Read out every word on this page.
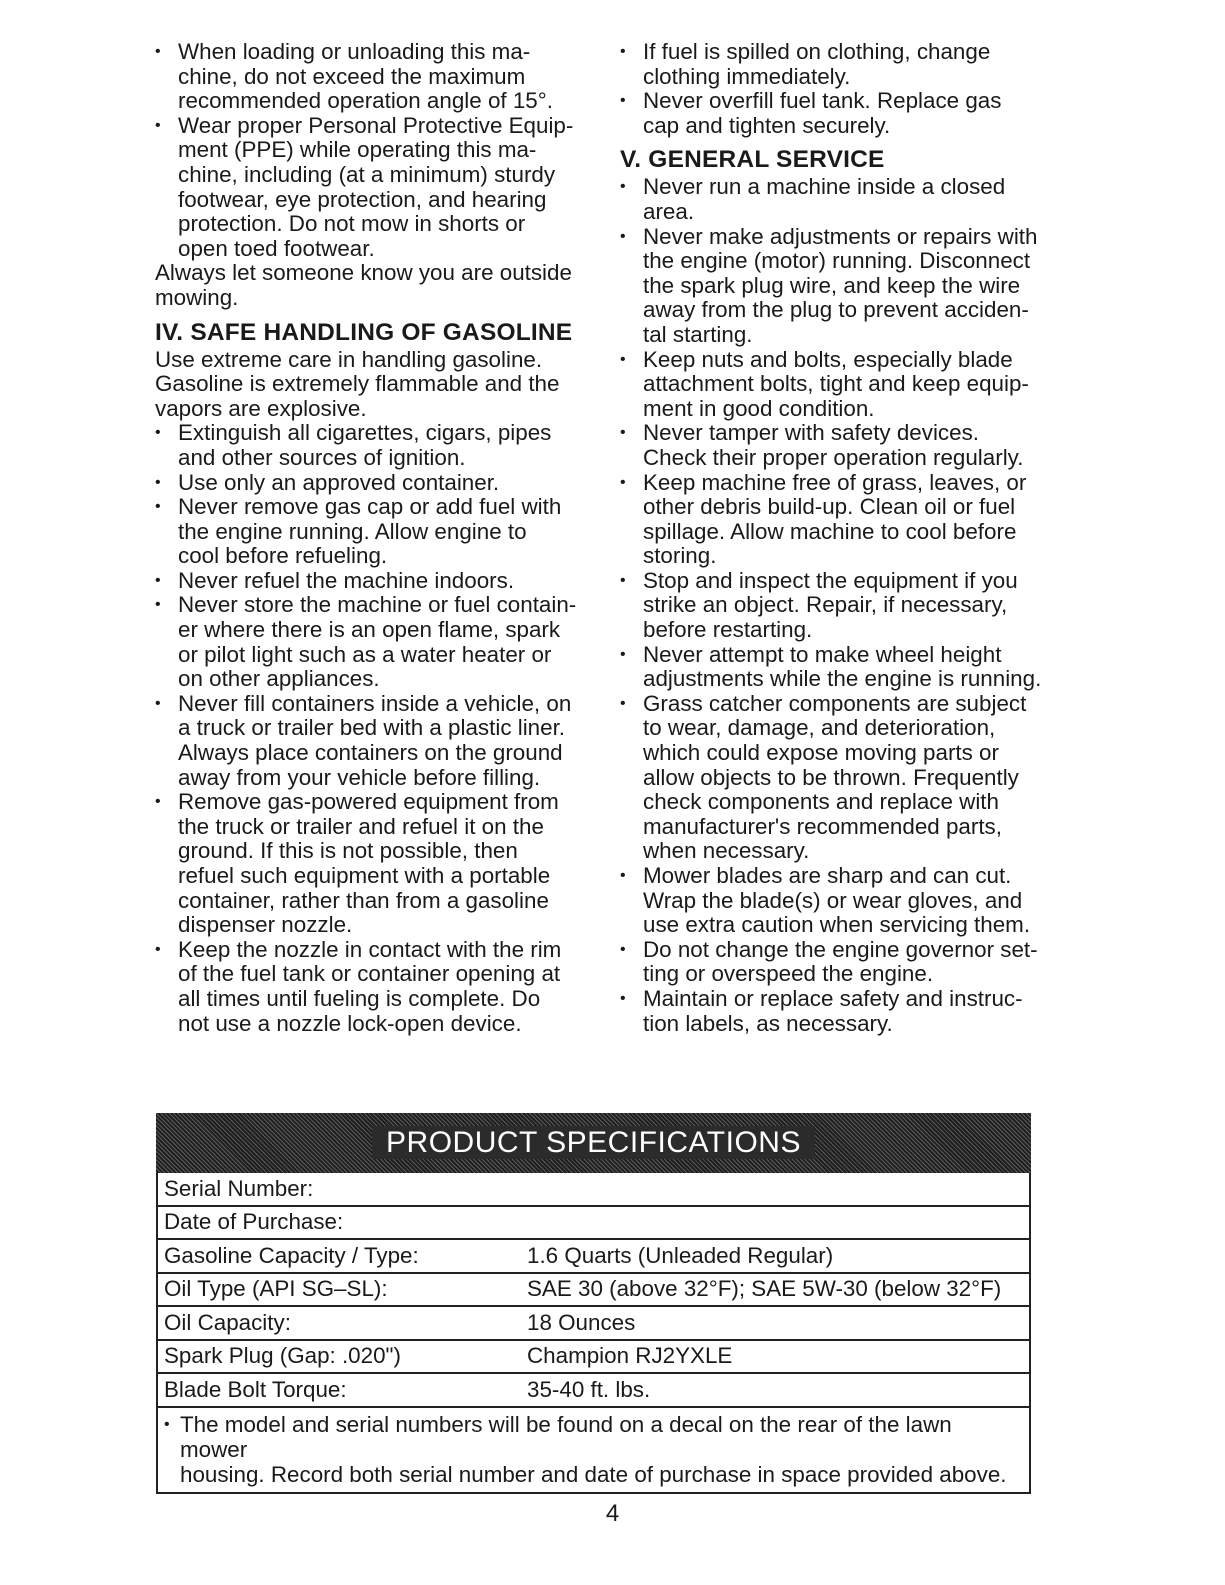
• When loading or unloading this ma-
chine, do not exceed the maximum
recommended operation angle of 15°.

• Wear proper Personal Protective Equip-
ment (PPE) while operating this ma-
chine, including (at a minimum) sturdy
footwear, eye protection, and hearing
protection. Do not mow in shorts or
open toed footwear.

Always let someone know you are outside
mowing.

IV. SAFE HANDLING OF GASOLINE

Use extreme care in handling gasoline.
Gasoline is extremely flammable and the
vapors are explosive.

• Extinguish all cigarettes, cigars, pipes
and other sources of ignition.

• Use only an approved container.

• Never remove gas cap or add fuel with
the engine running. Allow engine to
cool before refueling.

• Never refuel the machine indoors.

• Never store the machine or fuel contain-
er where there is an open flame, spark
or pilot light such as a water heater or
on other appliances.

• Never fill containers inside a vehicle, on
a truck or trailer bed with a plastic liner.
Always place containers on the ground
away from your vehicle before filling.

• Remove gas-powered equipment from
the truck or trailer and refuel it on the
ground. If this is not possible, then
refuel such equipment with a portable
container, rather than from a gasoline
dispenser nozzle.

• Keep the nozzle in contact with the rim
of the fuel tank or container opening at
all times until fueling is complete. Do
not use a nozzle lock-open device.

• If fuel is spilled on clothing, change
clothing immediately.

• Never overfill fuel tank. Replace gas
cap and tighten securely.

V. GENERAL SERVICE

• Never run a machine inside a closed
area.

• Never make adjustments or repairs with
the engine (motor) running. Disconnect
the spark plug wire, and keep the wire
away from the plug to prevent acciden-
tal starting.

• Keep nuts and bolts, especially blade
attachment bolts, tight and keep equip-
ment in good condition.

• Never tamper with safety devices.
Check their proper operation regularly.

• Keep machine free of grass, leaves, or
other debris build-up. Clean oil or fuel
spillage. Allow machine to cool before
storing.

• Stop and inspect the equipment if you
strike an object. Repair, if necessary,
before restarting.

• Never attempt to make wheel height
adjustments while the engine is running.

• Grass catcher components are subject
to wear, damage, and deterioration,
which could expose moving parts or
allow objects to be thrown. Frequently
check components and replace with
manufacturer's recommended parts,
when necessary.

• Mower blades are sharp and can cut.
Wrap the blade(s) or wear gloves, and
use extra caution when servicing them.

• Do not change the engine governor set-
ting or overspeed the engine.

• Maintain or replace safety and instruc-
tion labels, as necessary.

PRODUCT SPECIFICATIONS
Serial Number:	
Date of Purchase:	
Gasoline Capacity / Type:	1.6 Quarts (Unleaded Regular)
Oil Type (API SG–SL):	SAE 30 (above 32°F); SAE 5W-30 (below 32°F)
Oil Capacity:	18 Ounces
Spark Plug (Gap: .020")	Champion RJ2YXLE
Blade Bolt Torque:	35-40 ft. lbs.
• The model and serial numbers will be found on a decal on the rear of the lawn mower
housing. Record both serial number and date of purchase in space provided above.
4
